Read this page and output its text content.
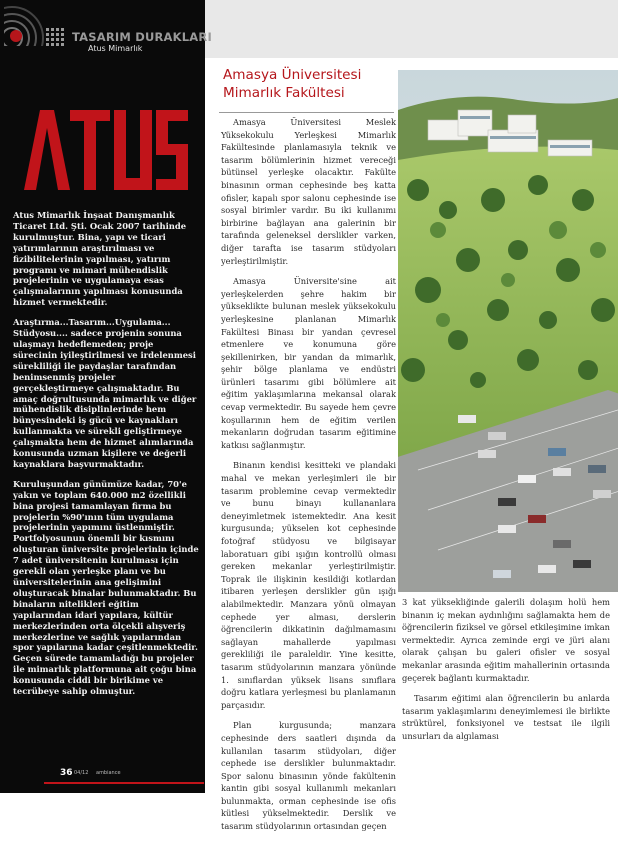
TASARIM DURAKLARI
Atus Mimarlık

Atus Mimarlık İnşaat Danışmanlık Ticaret Ltd. Şti. Ocak 2007 tarihinde kurulmuştur. Bina, yapı ve ticari yatırımlarının araştırılması ve fizibilitelerinin yapılması, yatırım programı ve mimari mühendislik projelerinin ve uygulamaya esas çalışmalarının yapılması konusunda hizmet vermektedir.

Araştırma...Tasarım...Uygulama... Stüdyosu.... sadece projenin sonuna ulaşmayı hedeflemeden; proje sürecinin iyileştirilmesi ve irdelenmesi sürekliliği ile paydaşlar tarafından benimsenmiş projeler gerçekleştirmeye çalışmaktadır. Bu amaç doğrultusunda mimarlık ve diğer mühendislik disiplinlerinde hem bünyesindeki iş gücü ve kaynakları kullanmakta ve sürekli geliştirmeye çalışmakta hem de hizmet alımlarında konusunda uzman kişilere ve değerli kaynaklara başvurmaktadır.

Kuruluşundan günümüze kadar, 70'e yakın ve toplam 640.000 m2 özellikli bina projesi tamamlayan firma bu projelerin %90'ının tüm uygulama projelerinin yapımını üstlenmiştir. Portfolyosunun önemli bir kısmını oluşturan üniversite projelerinin içinde 7 adet üniversitenin kurulması için gerekli olan yerleşke planı ve bu üniversitelerinin ana gelişimini oluşturacak binalar bulunmaktadır. Bu binaların nitelikleri eğitim yapılarından idari yapılara, kültür merkezlerinden orta ölçekli alışveriş merkezlerine ve sağlık yapılarından spor yapılarına kadar çeşitlenmektedir. Geçen sürede tamamladığı bu projeler ile mimarlık platformuna ait çoğu bina konusunda ciddi bir birikime ve tecrübeye sahip olmuştur.

Amasya Üniversitesi
Mimarlık Fakültesi

Amasya Üniversitesi Meslek Yüksekokulu Yerleşkesi Mimarlık Fakültesinde planlamasıyla teknik ve tasarım bölümlerinin hizmet vereceği bütünsel yerleşke olacaktır. Fakülte binasının orman cephesinde beş katta ofisler, kapalı spor salonu cephesinde ise sosyal birimler vardır. Bu iki kullanımı birbirine bağlayan ana galerinin bir tarafında geleneksel derslikler varken, diğer tarafta ise tasarım stüdyoları yerleştirilmiştir.

Amasya Üniversite'sine ait yerleşkelerden şehre hakim bir yükseklikte bulunan meslek yüksekokulu yerleşkesine planlanan Mimarlık Fakültesi Binası bir yandan çevresel etmenlere ve konumuna göre şekillenirken, bir yandan da mimarlık, şehir bölge planlama ve endüstri ürünleri tasarımı gibi bölümlere ait eğitim yaklaşımlarına mekansal olarak cevap vermektedir. Bu sayede hem çevre koşullarının hem de eğitim verilen mekanların doğrudan tasarım eğitimine katkısı sağlanmıştır.

Binanın kendisi kesitteki ve plandaki mahal ve mekan yerleşimleri ile bir tasarım problemine cevap vermektedir ve bunu binayı kullananlara deneyimletmek istemektedir. Ana kesit kurgusunda; yükselen kot cephesinde fotoğraf stüdyosu ve bilgisayar laboratuarı gibi ışığın kontrollü olması gereken mekanlar yerleştirilmiştir. Toprak ile ilişkinin kesildiği kotlardan itibaren yerleşen derslikler gün ışığı alabilmektedir. Manzara yönü olmayan cephede yer alması, derslerin öğrencilerin dikkatinin dağılmamasını sağlayan mahallerde yapılması gerekliliği ile paraleldir. Yine kesitte, tasarım stüdyolarının manzara yönünde 1. sınıflardan yüksek lisans sınıflara doğru katlara yerleşmesi bu planlamanın parçasıdır.

Plan kurgusunda; manzara cephesinde ders saatleri dışında da kullanılan tasarım stüdyoları, diğer cephede ise derslikler bulunmaktadır. Spor salonu binasının yönde fakültenin kantin gibi sosyal kullanımlı mekanları bulunmakta, orman cephesinde ise ofis kütlesi yükselmektedir. Derslik ve tasarım stüdyolarının ortasından geçen

3 kat yüksekliğinde galerili dolaşım holü hem binanın iç mekan aydınlığını sağlamakta hem de öğrencilerin fiziksel ve görsel etkileşimine imkan vermektedir. Ayrıca zeminde ergi ve jüri alanı olarak çalışan bu galeri ofisler ve sosyal mekanlar arasında eğitim mahallerinin ortasında geçerek bağlantı kurmaktadır.

Tasarım eğitimi alan öğrencilerin bu anlarda tasarım yaklaşımlarını deneyimlemesi ile birlikte strüktürel, fonksiyonel ve testsat ile ilgili unsurları da algılaması

36 04/12 ambiance
